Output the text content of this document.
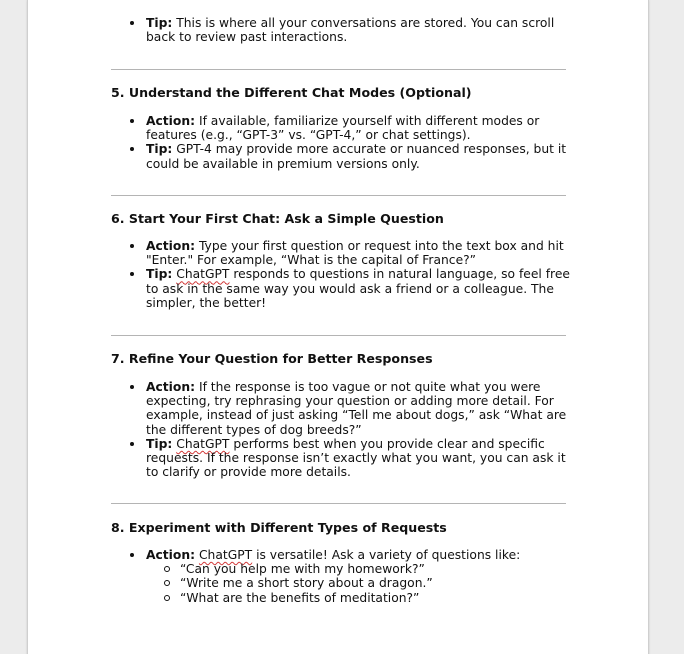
Tip: This is where all your conversations are stored. You can scroll back to review past interactions.
5. Understand the Different Chat Modes (Optional)
Action: If available, familiarize yourself with different modes or features (e.g., “GPT-3” vs. “GPT-4,” or chat settings).
Tip: GPT-4 may provide more accurate or nuanced responses, but it could be available in premium versions only.
6. Start Your First Chat: Ask a Simple Question
Action: Type your first question or request into the text box and hit "Enter." For example, “What is the capital of France?”
Tip: ChatGPT responds to questions in natural language, so feel free to ask in the same way you would ask a friend or a colleague. The simpler, the better!
7. Refine Your Question for Better Responses
Action: If the response is too vague or not quite what you were expecting, try rephrasing your question or adding more detail. For example, instead of just asking “Tell me about dogs,” ask “What are the different types of dog breeds?”
Tip: ChatGPT performs best when you provide clear and specific requests. If the response isn’t exactly what you want, you can ask it to clarify or provide more details.
8. Experiment with Different Types of Requests
Action: ChatGPT is versatile! Ask a variety of questions like:
“Can you help me with my homework?”
“Write me a short story about a dragon.”
“What are the benefits of meditation?”
